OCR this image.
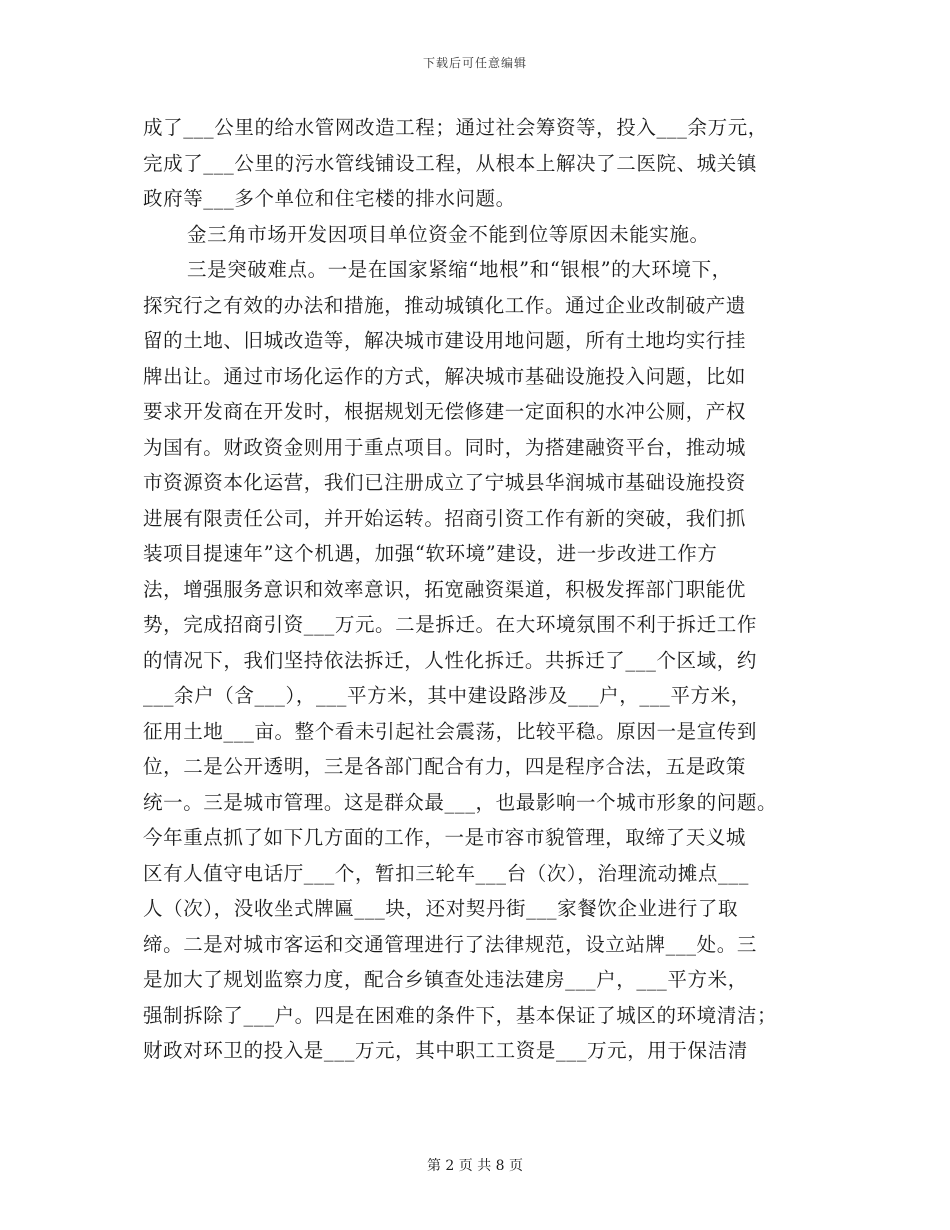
下载后可任意编辑
成了___公里的给水管网改造工程；通过社会筹资等，投入___余万元，
完成了___公里的污水管线铺设工程，从根本上解决了二医院、城关镇
政府等___多个单位和住宅楼的排水问题。
金三角市场开发因项目单位资金不能到位等原因未能实施。
三是突破难点。一是在国家紧缩“地根”和“银根”的大环境下，
探究行之有效的办法和措施，推动城镇化工作。通过企业改制破产遗
留的土地、旧城改造等，解决城市建设用地问题，所有土地均实行挂
牌出让。通过市场化运作的方式，解决城市基础设施投入问题，比如
要求开发商在开发时，根据规划无偿修建一定面积的水冲公厕，产权
为国有。财政资金则用于重点项目。同时，为搭建融资平台，推动城
市资源资本化运营，我们已注册成立了宁城县华润城市基础设施投资
进展有限责任公司，并开始运转。招商引资工作有新的突破，我们抓
装项目提速年”这个机遇，加强“软环境”建设，进一步改进工作方
法，增强服务意识和效率意识，拓宽融资渠道，积极发挥部门职能优
势，完成招商引资___万元。二是拆迁。在大环境氛围不利于拆迁工作
的情况下，我们坚持依法拆迁，人性化拆迁。共拆迁了___个区域，约
___余户（含___），___平方米，其中建设路涉及___户，___平方米，
征用土地___亩。整个看未引起社会震荡，比较平稳。原因一是宣传到
位，二是公开透明，三是各部门配合有力，四是程序合法，五是政策
统一。三是城市管理。这是群众最___，也最影响一个城市形象的问题。
今年重点抓了如下几方面的工作，一是市容市貌管理，取缔了天义城
区有人值守电话厅___个，暂扣三轮车___台（次），治理流动摊点___
人（次），没收坐式牌匾___块，还对契丹街___家餐饮企业进行了取
缔。二是对城市客运和交通管理进行了法律规范，设立站牌___处。三
是加大了规划监察力度，配合乡镇查处违法建房___户，___平方米，
强制拆除了___户。四是在困难的条件下，基本保证了城区的环境清洁；
财政对环卫的投入是___万元，其中职工工资是___万元，用于保洁清
第 2 页 共 8 页
